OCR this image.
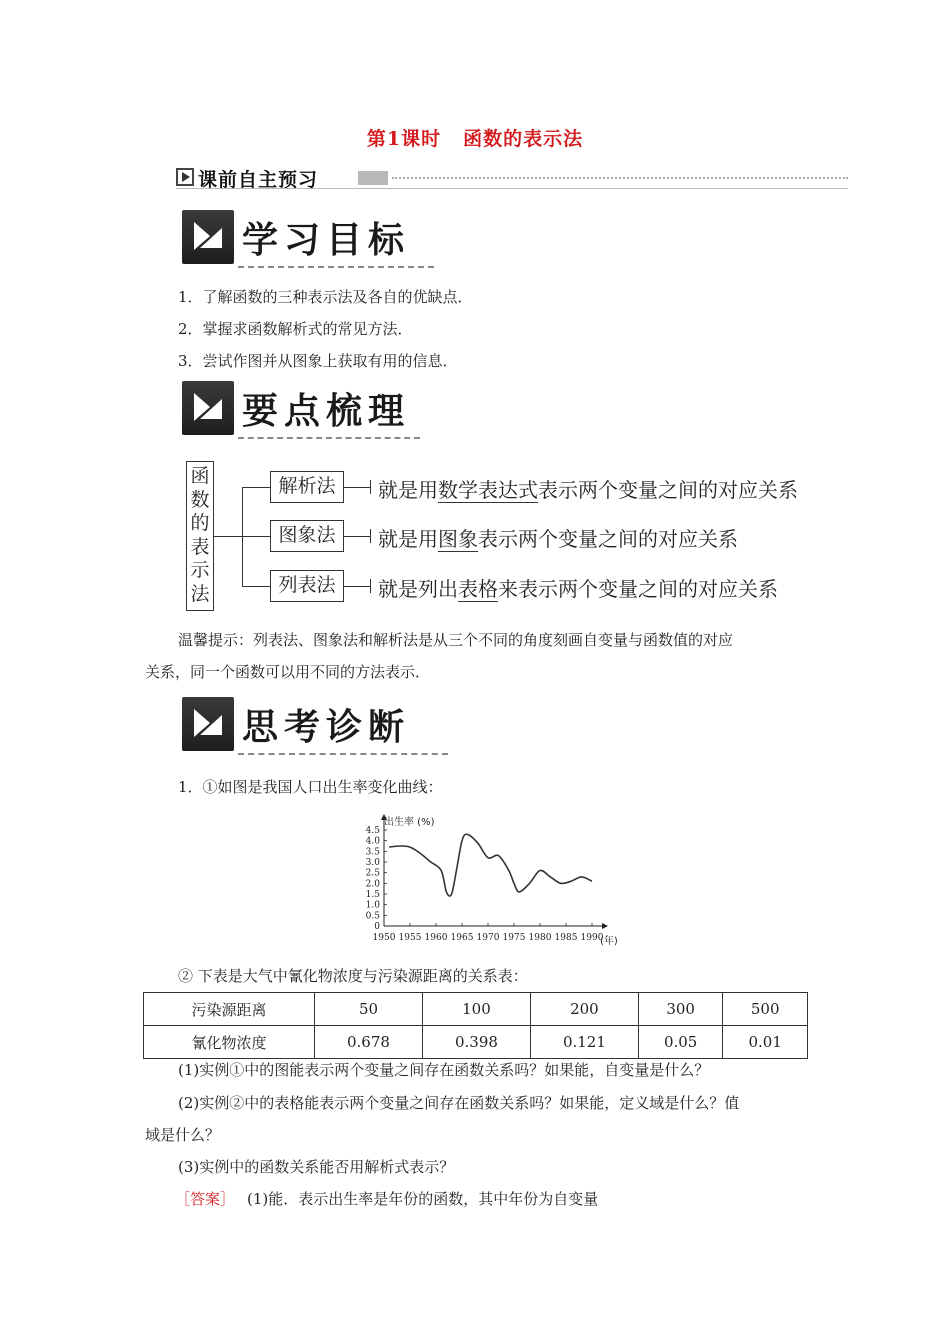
第1课时 函数的表示法
课前自主预习
学习目标
1．了解函数的三种表示法及各自的优缺点．
2．掌握求函数解析式的常见方法．
3．尝试作图并从图象上获取有用的信息．
要点梳理
函
数
的
表
示
法
解析法
图象法
列表法
就是用数学表达式表示两个变量之间的对应关系
就是用图象表示两个变量之间的对应关系
就是列出表格来表示两个变量之间的对应关系
温馨提示：列表法、图象法和解析法是从三个不同的角度刻画自变量与函数值的对应
关系，同一个函数可以用不同的方法表示．
思考诊断
1．①如图是我国人口出生率变化曲线：
4.5
4.0
3.5
3.0
2.5
2.0
1.5
1.0
0.5
0
1950 1955 1960 1965 1970 1975 1980 1985 1990
出生率 (%)
(年)
② 下表是大气中氰化物浓度与污染源距离的关系表：
污染源距离	50	100	200	300	500
氰化物浓度	0.678	0.398	0.121	0.05	0.01
(1)实例①中的图能表示两个变量之间存在函数关系吗？如果能，自变量是什么？
(2)实例②中的表格能表示两个变量之间存在函数关系吗？如果能，定义域是什么？值
域是什么？
(3)实例中的函数关系能否用解析式表示？
［答案］ (1)能．表示出生率是年份的函数，其中年份为自变量
